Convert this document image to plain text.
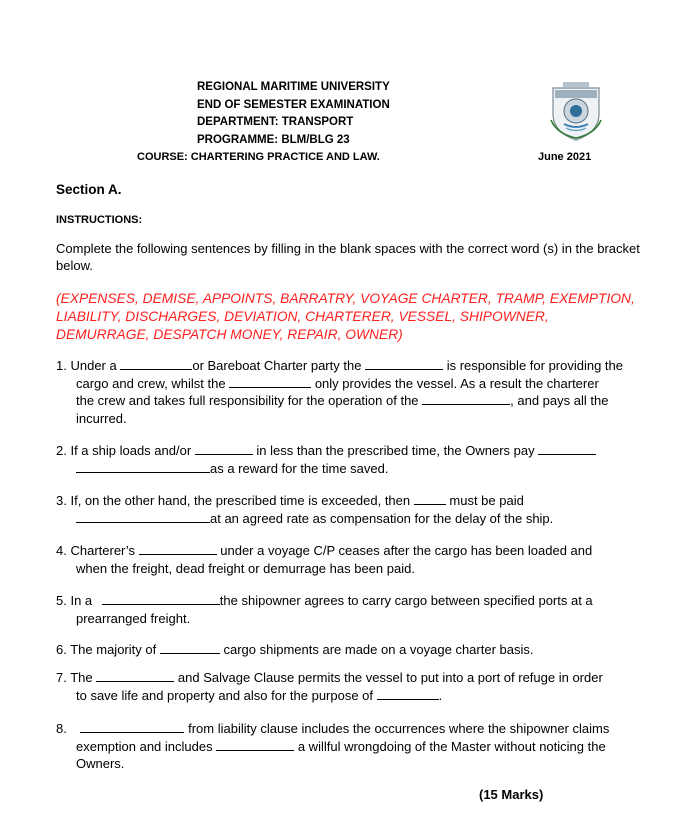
REGIONAL MARITIME UNIVERSITY
END OF SEMESTER EXAMINATION
DEPARTMENT: TRANSPORT
PROGRAMME: BLM/BLG 23
COURSE: CHARTERING PRACTICE AND LAW.	June 2021
Section A.
INSTRUCTIONS:
Complete the following sentences by filling in the blank spaces with the correct word (s) in the bracket below.
(EXPENSES, DEMISE, APPOINTS, BARRATRY, VOYAGE CHARTER, TRAMP, EXEMPTION,
LIABILITY, DISCHARGES, DEVIATION, CHARTERER, VESSEL, SHIPOWNER,
DEMURRAGE, DESPATCH MONEY, REPAIR, OWNER)
1. Under a	or Bareboat Charter party the	is responsible for providing the
cargo and crew, whilst the	only provides the vessel. As a result the charterer
the crew and takes full responsibility for the operation of the	, and pays all the
incurred.
2. If a ship loads and/or	in less than the prescribed time, the Owners pay
as a reward for the time saved.
3. If, on the other hand, the prescribed time is exceeded, then	must be paid
at an agreed rate as compensation for the delay of the ship.
4. Charterer’s	under a voyage C/P ceases after the cargo has been loaded and
when the freight, dead freight or demurrage has been paid.
5. In a	the shipowner agrees to carry cargo between specified ports at a
prearranged freight.
6. The majority of	cargo shipments are made on a voyage charter basis.
7. The	and Salvage Clause permits the vessel to put into a port of refuge in order
to save life and property and also for the purpose of	.
8.	from liability clause includes the occurrences where the shipowner claims
exemption and includes	a willful wrongdoing of the Master without noticing the
Owners.
(15 Marks)
